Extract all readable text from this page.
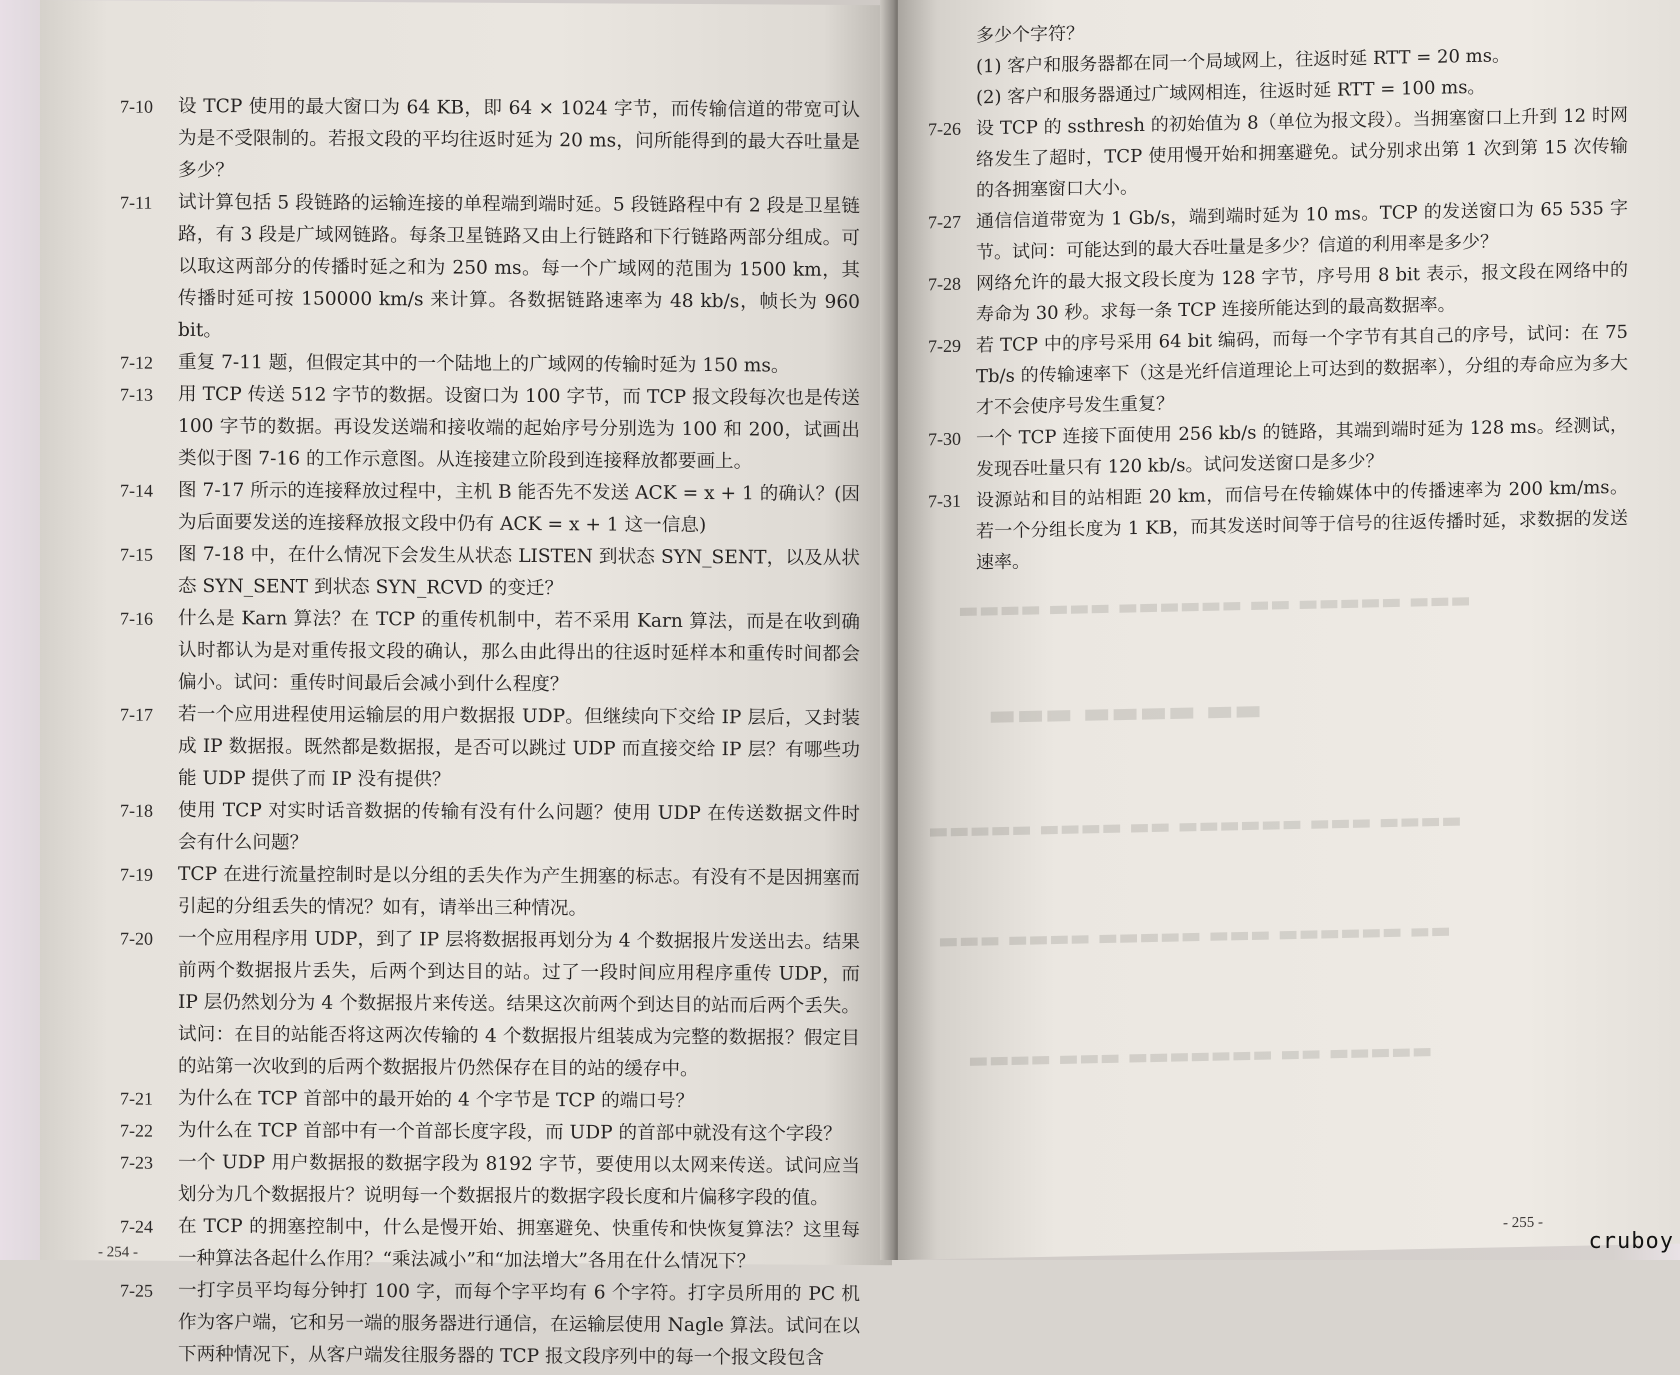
7-10	设 TCP 使用的最大窗口为 64 KB，即 64 × 1024 字节，而传输信道的带宽可认为是不受限制的。若报文段的平均往返时延为 20 ms，问所能得到的最大吞吐量是多少？
7-11	试计算包括 5 段链路的运输连接的单程端到端时延。5 段链路程中有 2 段是卫星链路，有 3 段是广域网链路。每条卫星链路又由上行链路和下行链路两部分组成。可以取这两部分的传播时延之和为 250 ms。每一个广域网的范围为 1500 km，其传播时延可按 150000 km/s 来计算。各数据链路速率为 48 kb/s，帧长为 960 bit。
7-12	重复 7-11 题，但假定其中的一个陆地上的广域网的传输时延为 150 ms。
7-13	用 TCP 传送 512 字节的数据。设窗口为 100 字节，而 TCP 报文段每次也是传送 100 字节的数据。再设发送端和接收端的起始序号分别选为 100 和 200，试画出类似于图 7-16 的工作示意图。从连接建立阶段到连接释放都要画上。
7-14	图 7-17 所示的连接释放过程中，主机 B 能否先不发送 ACK = x + 1 的确认？(因为后面要发送的连接释放报文段中仍有 ACK = x + 1 这一信息)
7-15	图 7-18 中，在什么情况下会发生从状态 LISTEN 到状态 SYN_SENT，以及从状态 SYN_SENT 到状态 SYN_RCVD 的变迁？
7-16	什么是 Karn 算法？在 TCP 的重传机制中，若不采用 Karn 算法，而是在收到确认时都认为是对重传报文段的确认，那么由此得出的往返时延样本和重传时间都会偏小。试问：重传时间最后会减小到什么程度？
7-17	若一个应用进程使用运输层的用户数据报 UDP。但继续向下交给 IP 层后，又封装成 IP 数据报。既然都是数据报，是否可以跳过 UDP 而直接交给 IP 层？有哪些功能 UDP 提供了而 IP 没有提供？
7-18	使用 TCP 对实时话音数据的传输有没有什么问题？使用 UDP 在传送数据文件时会有什么问题？
7-19	TCP 在进行流量控制时是以分组的丢失作为产生拥塞的标志。有没有不是因拥塞而引起的分组丢失的情况？如有，请举出三种情况。
7-20	一个应用程序用 UDP，到了 IP 层将数据报再划分为 4 个数据报片发送出去。结果前两个数据报片丢失，后两个到达目的站。过了一段时间应用程序重传 UDP，而 IP 层仍然划分为 4 个数据报片来传送。结果这次前两个到达目的站而后两个丢失。试问：在目的站能否将这两次传输的 4 个数据报片组装成为完整的数据报？假定目的站第一次收到的后两个数据报片仍然保存在目的站的缓存中。
7-21	为什么在 TCP 首部中的最开始的 4 个字节是 TCP 的端口号？
7-22	为什么在 TCP 首部中有一个首部长度字段，而 UDP 的首部中就没有这个字段？
7-23	一个 UDP 用户数据报的数据字段为 8192 字节，要使用以太网来传送。试问应当划分为几个数据报片？说明每一个数据报片的数据字段长度和片偏移字段的值。
7-24	在 TCP 的拥塞控制中，什么是慢开始、拥塞避免、快重传和快恢复算法？这里每一种算法各起什么作用？“乘法减小”和“加法增大”各用在什么情况下？
7-25	一打字员平均每分钟打 100 字，而每个字平均有 6 个字符。打字员所用的 PC 机作为客户端，它和另一端的服务器进行通信，在运输层使用 Nagle 算法。试问在以下两种情况下，从客户端发往服务器的 TCP 报文段序列中的每一个报文段包含
- 254 -
多少个字符？
(1) 客户和服务器都在同一个局域网上，往返时延 RTT = 20 ms。
(2) 客户和服务器通过广域网相连，往返时延 RTT = 100 ms。
7-26 设 TCP 的 ssthresh 的初始值为 8（单位为报文段）。当拥塞窗口上升到 12 时网络发生了超时，TCP 使用慢开始和拥塞避免。试分别求出第 1 次到第 15 次传输的各拥塞窗口大小。
7-27 通信信道带宽为 1 Gb/s，端到端时延为 10 ms。TCP 的发送窗口为 65 535 字节。试问：可能达到的最大吞吐量是多少？信道的利用率是多少？
7-28 网络允许的最大报文段长度为 128 字节，序号用 8 bit 表示，报文段在网络中的寿命为 30 秒。求每一条 TCP 连接所能达到的最高数据率。
7-29 若 TCP 中的序号采用 64 bit 编码，而每一个字节有其自己的序号，试问：在 75 Tb/s 的传输速率下（这是光纤信道理论上可达到的数据率），分组的寿命应为多大才不会使序号发生重复？
7-30 一个 TCP 连接下面使用 256 kb/s 的链路，其端到端时延为 128 ms。经测试，发现吞吐量只有 120 kb/s。试问发送窗口是多少？
7-31 设源站和目的站相距 20 km，而信号在传输媒体中的传播速率为 200 km/ms。若一个分组长度为 1 KB，而其发送时间等于信号的往返传播时延，求数据的发送速率。
▬▬▬ ▬▬▬▬▬ ▬▬ ▬▬▬▬▬▬ ▬▬▬ ▬▬▬▬
▬▬ ▬▬▬▬ ▬▬▬
▬▬▬▬ ▬▬▬ ▬▬▬▬▬▬ ▬▬ ▬▬▬▬ ▬▬▬▬▬
▬▬ ▬▬▬▬▬▬ ▬▬▬ ▬▬▬▬▬ ▬▬▬▬ ▬▬▬
▬▬▬▬▬ ▬▬ ▬▬▬▬▬▬▬ ▬▬▬ ▬▬▬▬
- 255 -
cruboy
